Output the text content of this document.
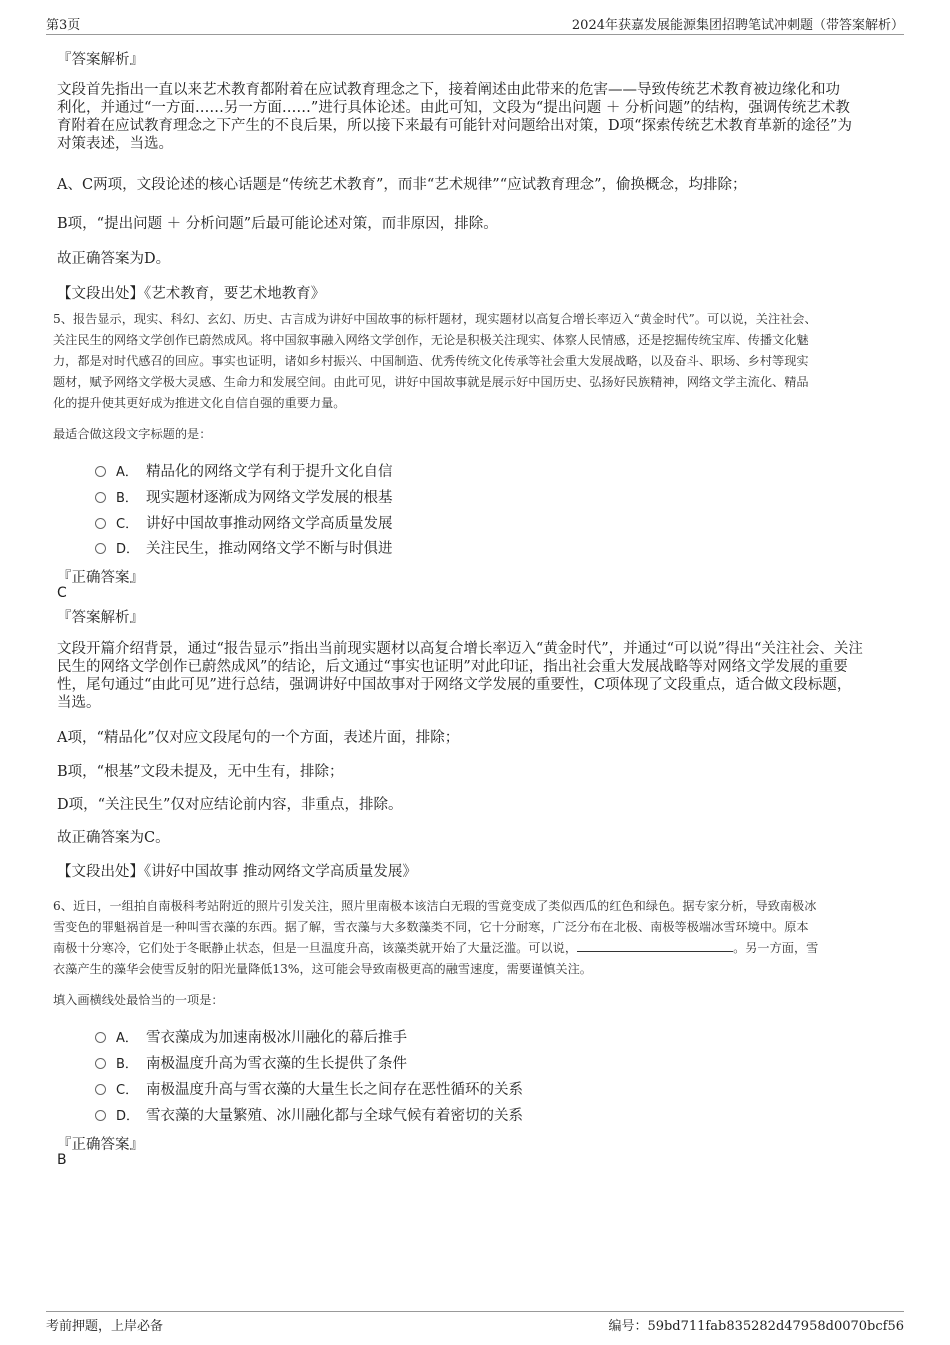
第3页	2024年获嘉发展能源集团招聘笔试冲刺题（带答案解析）
『答案解析』
文段首先指出一直以来艺术教育都附着在应试教育理念之下，接着阐述由此带来的危害——导致传统艺术教育被边缘化和功
利化，并通过“一方面……另一方面……”进行具体论述。由此可知，文段为“提出问题 ＋ 分析问题”的结构，强调传统艺术教
育附着在应试教育理念之下产生的不良后果，所以接下来最有可能针对问题给出对策，D项“探索传统艺术教育革新的途径”为
对策表述，当选。
A、C两项，文段论述的核心话题是“传统艺术教育”，而非“艺术规律”“应试教育理念”，偷换概念，均排除；
B项，“提出问题 ＋ 分析问题”后最可能论述对策，而非原因，排除。
故正确答案为D。
【文段出处】《艺术教育，要艺术地教育》
5、报告显示，现实、科幻、玄幻、历史、古言成为讲好中国故事的标杆题材，现实题材以高复合增长率迈入“黄金时代”。可以说，关注社会、
关注民生的网络文学创作已蔚然成风。将中国叙事融入网络文学创作，无论是积极关注现实、体察人民情感，还是挖掘传统宝库、传播文化魅
力，都是对时代感召的回应。事实也证明，诸如乡村振兴、中国制造、优秀传统文化传承等社会重大发展战略，以及奋斗、职场、乡村等现实
题材，赋予网络文学极大灵感、生命力和发展空间。由此可见，讲好中国故事就是展示好中国历史、弘扬好民族精神，网络文学主流化、精品
化的提升使其更好成为推进文化自信自强的重要力量。
最适合做这段文字标题的是：
A． 精品化的网络文学有利于提升文化自信
B． 现实题材逐渐成为网络文学发展的根基
C． 讲好中国故事推动网络文学高质量发展
D． 关注民生，推动网络文学不断与时俱进
『正确答案』
C
『答案解析』
文段开篇介绍背景，通过“报告显示”指出当前现实题材以高复合增长率迈入“黄金时代”，并通过“可以说”得出“关注社会、关注
民生的网络文学创作已蔚然成风”的结论，后文通过“事实也证明”对此印证，指出社会重大发展战略等对网络文学发展的重要
性，尾句通过“由此可见”进行总结，强调讲好中国故事对于网络文学发展的重要性，C项体现了文段重点，适合做文段标题，
当选。
A项，“精品化”仅对应文段尾句的一个方面，表述片面，排除；
B项，“根基”文段未提及，无中生有，排除；
D项，“关注民生”仅对应结论前内容，非重点，排除。
故正确答案为C。
【文段出处】《讲好中国故事 推动网络文学高质量发展》
6、近日，一组拍自南极科考站附近的照片引发关注，照片里南极本该洁白无瑕的雪竟变成了类似西瓜的红色和绿色。据专家分析，导致南极冰
雪变色的罪魁祸首是一种叫雪衣藻的东西。据了解，雪衣藻与大多数藻类不同，它十分耐寒，广泛分布在北极、南极等极端冰雪环境中。原本
南极十分寒冷，它们处于冬眠静止状态，但是一旦温度升高，该藻类就开始了大量泛滥。可以说，	。另一方面，雪
衣藻产生的藻华会使雪反射的阳光量降低13%，这可能会导致南极更高的融雪速度，需要谨慎关注。
填入画横线处最恰当的一项是：
A． 雪衣藻成为加速南极冰川融化的幕后推手
B． 南极温度升高为雪衣藻的生长提供了条件
C． 南极温度升高与雪衣藻的大量生长之间存在恶性循环的关系
D． 雪衣藻的大量繁殖、冰川融化都与全球气候有着密切的关系
『正确答案』
B
考前押题，上岸必备	编号：59bd711fab835282d47958d0070bcf56
